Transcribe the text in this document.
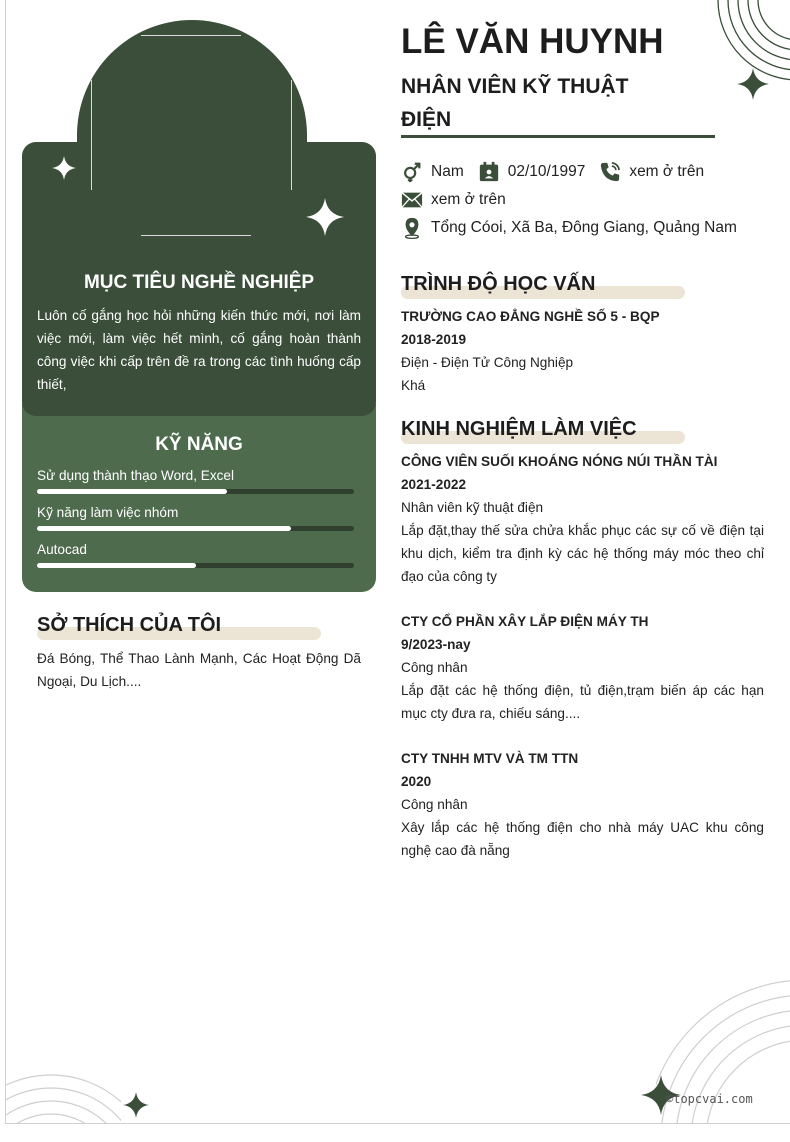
MỤC TIÊU NGHỀ NGHIỆP
Luôn cố gắng học hỏi những kiến thức mới, nơi làm việc mới, làm việc hết mình, cố gắng hoàn thành công việc khi cấp trên đề ra trong các tình huống cấp thiết,
KỸ NĂNG
Sử dụng thành thạo Word, Excel
Kỹ năng làm việc nhóm
Autocad
SỞ THÍCH CỦA TÔI
Đá Bóng, Thể Thao Lành Mạnh, Các Hoạt Động Dã Ngoại, Du Lịch....
LÊ VĂN HUYNH
NHÂN VIÊN KỸ THUẬT ĐIỆN
Nam	02/10/1997	xem ở trên
xem ở trên
Tổng Cóoi, Xã Ba, Đông Giang, Quảng Nam
TRÌNH ĐỘ HỌC VẤN
TRƯỜNG CAO ĐẲNG NGHỀ SỐ 5 - BQP
2018-2019
Điện - Điện Tử Công Nghiệp
Khá
KINH NGHIỆM LÀM VIỆC
CÔNG VIÊN SUỐI KHOÁNG NÓNG NÚI THẦN TÀI
2021-2022
Nhân viên kỹ thuật điện
Lắp đặt,thay thế sửa chửa khắc phục các sự cố về điện tại khu dịch, kiểm tra định kỳ các hệ thống máy móc theo chỉ đạo của công ty
CTY CỔ PHẦN XÂY LẮP ĐIỆN MÁY TH
9/2023-nay
Công nhân
Lắp đặt các hệ thống điện, tủ điện,trạm biến áp các hạn mục cty đưa ra, chiếu sáng....
CTY TNHH MTV VÀ TM TTN
2020
Công nhân
Xây lắp các hệ thống điện cho nhà máy UAC khu công nghệ cao đà nẵng
©topcvai.com
